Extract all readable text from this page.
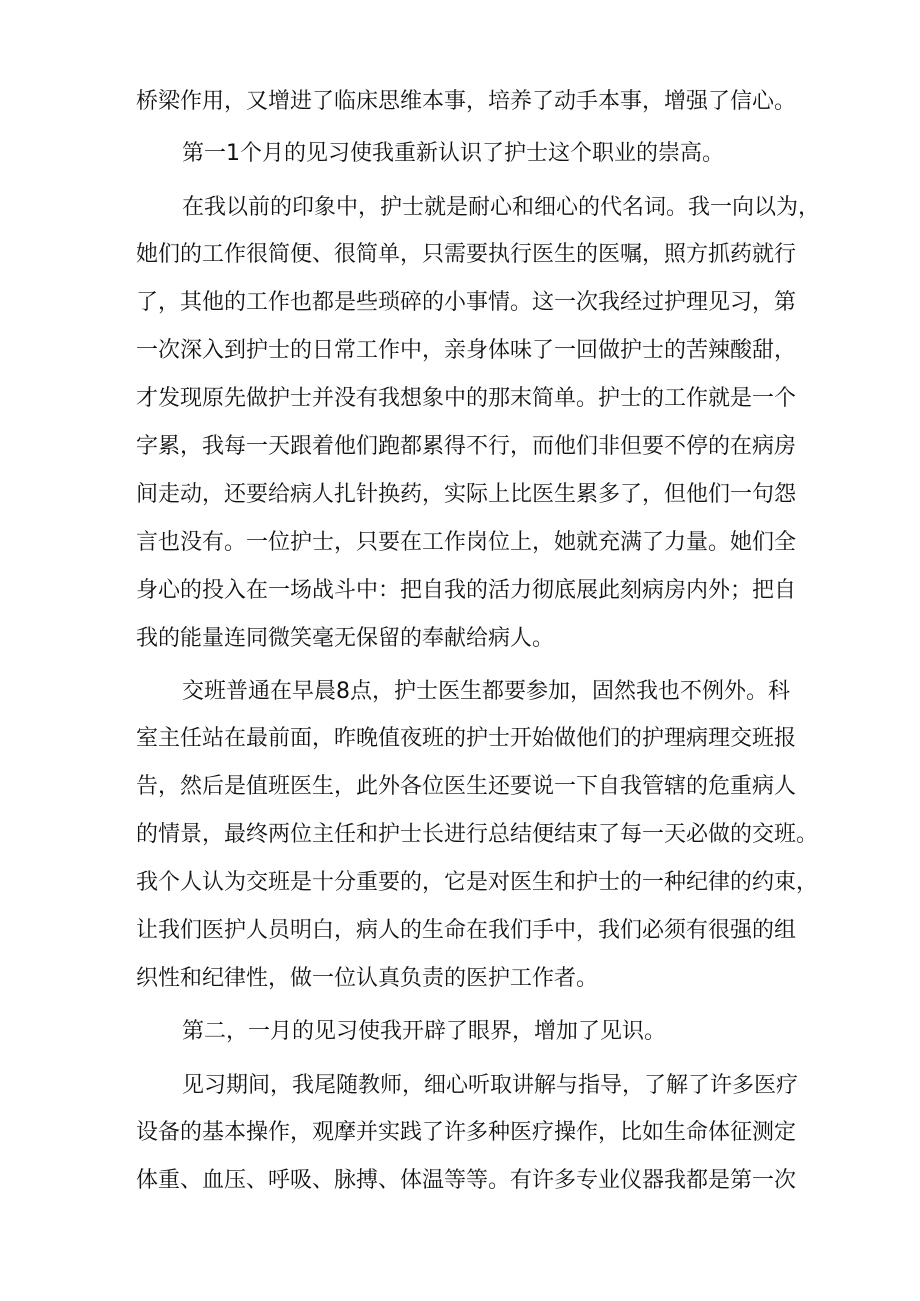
桥梁作用，又增进了临床思维本事，培养了动手本事，增强了信心。

第一1个月的见习使我重新认识了护士这个职业的崇高。

在我以前的印象中，护士就是耐心和细心的代名词。我一向以为，

她们的工作很简便、很简单，只需要执行医生的医嘱，照方抓药就行

了，其他的工作也都是些琐碎的小事情。这一次我经过护理见习，第

一次深入到护士的日常工作中，亲身体味了一回做护士的苦辣酸甜，

才发现原先做护士并没有我想象中的那末简单。护士的工作就是一个

字累，我每一天跟着他们跑都累得不行，而他们非但要不停的在病房

间走动，还要给病人扎针换药，实际上比医生累多了，但他们一句怨

言也没有。一位护士，只要在工作岗位上，她就充满了力量。她们全

身心的投入在一场战斗中：把自我的活力彻底展此刻病房内外；把自

我的能量连同微笑毫无保留的奉献给病人。

交班普通在早晨8点，护士医生都要参加，固然我也不例外。科

室主任站在最前面，昨晚值夜班的护士开始做他们的护理病理交班报

告，然后是值班医生，此外各位医生还要说一下自我管辖的危重病人

的情景，最终两位主任和护士长进行总结便结束了每一天必做的交班。

我个人认为交班是十分重要的，它是对医生和护士的一种纪律的约束，

让我们医护人员明白，病人的生命在我们手中，我们必须有很强的组

织性和纪律性，做一位认真负责的医护工作者。

第二，一月的见习使我开辟了眼界，增加了见识。

见习期间，我尾随教师，细心听取讲解与指导，了解了许多医疗

设备的基本操作，观摩并实践了许多种医疗操作，比如生命体征测定

体重、血压、呼吸、脉搏、体温等等。有许多专业仪器我都是第一次
